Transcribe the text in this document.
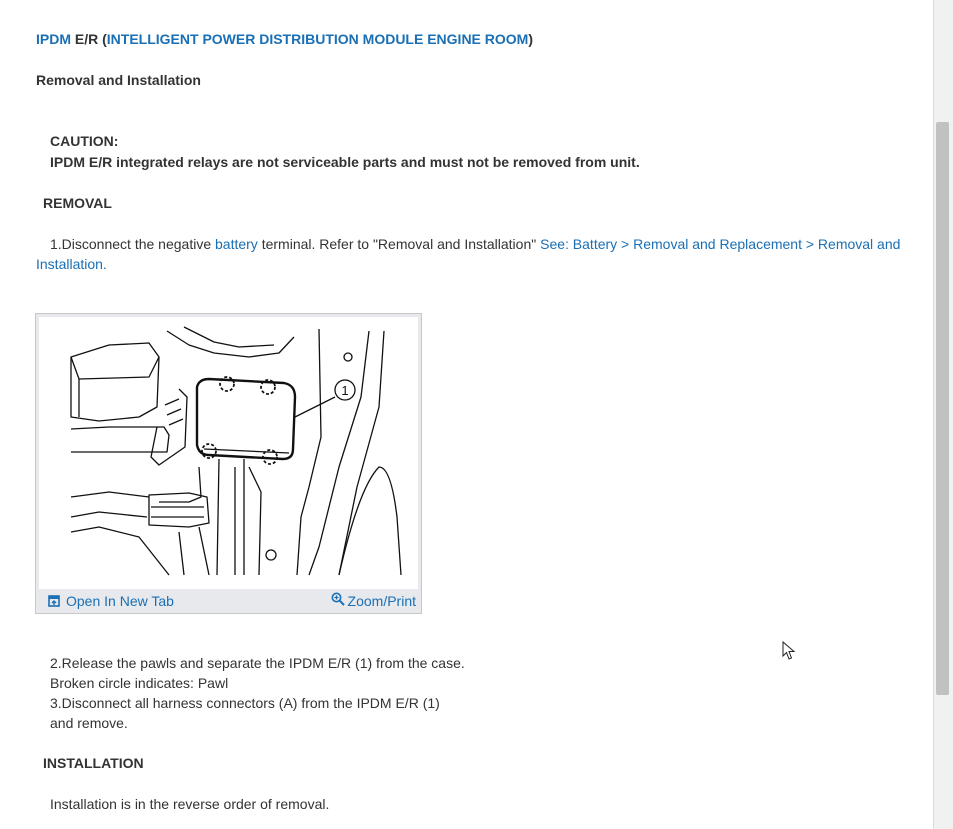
IPDM E/R (INTELLIGENT POWER DISTRIBUTION MODULE ENGINE ROOM)
Removal and Installation
CAUTION:
IPDM E/R integrated relays are not serviceable parts and must not be removed from unit.
REMOVAL
1.Disconnect the negative battery terminal. Refer to "Removal and Installation" See: Battery > Removal and Replacement > Removal and Installation.
1
Open In New Tab	Zoom/Print
2.Release the pawls and separate the IPDM E/R (1) from the case.
Broken circle indicates: Pawl
3.Disconnect all harness connectors (A) from the IPDM E/R (1)
and remove.
INSTALLATION
Installation is in the reverse order of removal.
